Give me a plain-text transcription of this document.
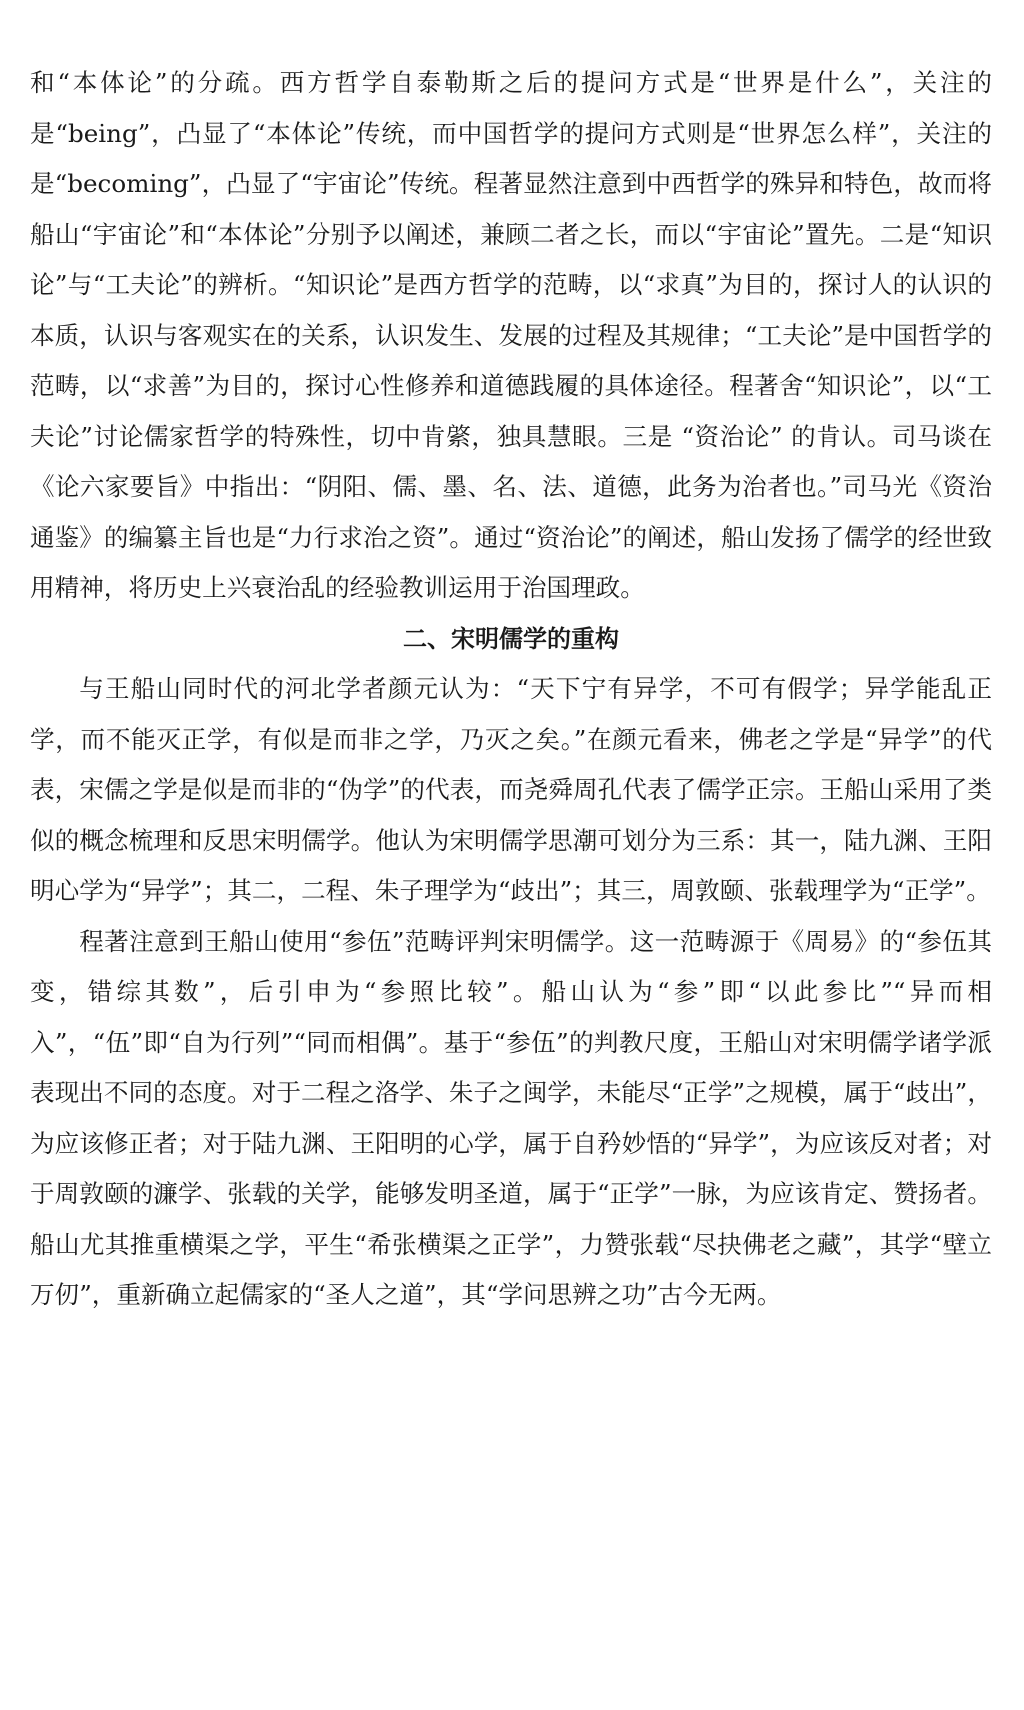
和“本体论”的分疏。西方哲学自泰勒斯之后的提问方式是“世界是什么”，关注的是“being”，凸显了“本体论”传统，而中国哲学的提问方式则是“世界怎么样”，关注的是“becoming”，凸显了“宇宙论”传统。程著显然注意到中西哲学的殊异和特色，故而将船山“宇宙论”和“本体论”分别予以阐述，兼顾二者之长，而以“宇宙论”置先。二是“知识论”与“工夫论”的辨析。“知识论”是西方哲学的范畴，以“求真”为目的，探讨人的认识的本质，认识与客观实在的关系，认识发生、发展的过程及其规律；“工夫论”是中国哲学的范畴，以“求善”为目的，探讨心性修养和道德践履的具体途径。程著舍“知识论”，以“工夫论”讨论儒家哲学的特殊性，切中肯綮，独具慧眼。三是 “资治论” 的肯认。司马谈在《论六家要旨》中指出：“阴阳、儒、墨、名、法、道德，此务为治者也。”司马光《资治通鉴》的编纂主旨也是“力行求治之资”。通过“资治论”的阐述，船山发扬了儒学的经世致用精神，将历史上兴衰治乱的经验教训运用于治国理政。

二、宋明儒学的重构

与王船山同时代的河北学者颜元认为：“天下宁有异学，不可有假学；异学能乱正学，而不能灭正学，有似是而非之学，乃灭之矣。”在颜元看来，佛老之学是“异学”的代表，宋儒之学是似是而非的“伪学”的代表，而尧舜周孔代表了儒学正宗。王船山采用了类似的概念梳理和反思宋明儒学。他认为宋明儒学思潮可划分为三系：其一，陆九渊、王阳明心学为“异学”；其二，二程、朱子理学为“歧出”；其三，周敦颐、张载理学为“正学”。

程著注意到王船山使用“参伍”范畴评判宋明儒学。这一范畴源于《周易》的“参伍其变，错综其数”，后引申为“参照比较”。船山认为“参”即“以此参比”“异而相入”，“伍”即“自为行列”“同而相偶”。基于“参伍”的判教尺度，王船山对宋明儒学诸学派表现出不同的态度。对于二程之洛学、朱子之闽学，未能尽“正学”之规模，属于“歧出”，为应该修正者；对于陆九渊、王阳明的心学，属于自矜妙悟的“异学”，为应该反对者；对于周敦颐的濂学、张载的关学，能够发明圣道，属于“正学”一脉，为应该肯定、赞扬者。船山尤其推重横渠之学，平生“希张横渠之正学”，力赞张载“尽抉佛老之藏”，其学“壁立万仞”，重新确立起儒家的“圣人之道”，其“学问思辨之功”古今无两。
